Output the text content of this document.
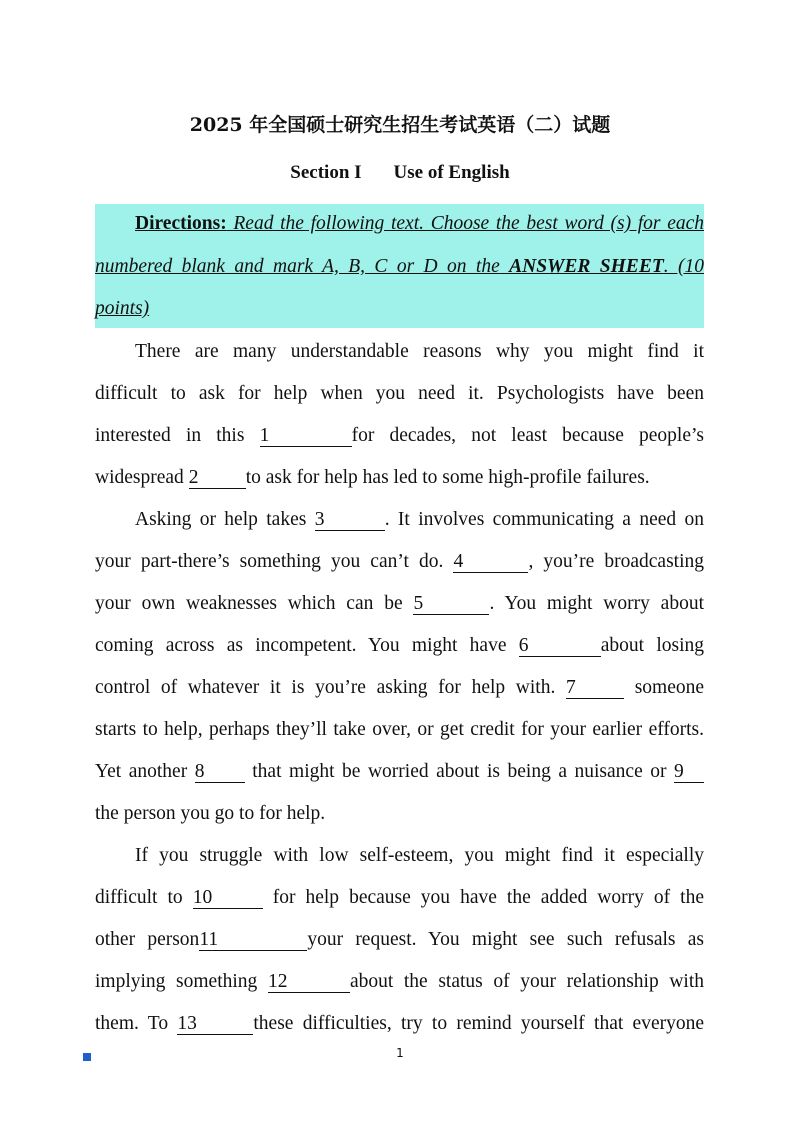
2025 年全国硕士研究生招生考试英语（二）试题
Section I Use of English
Directions: Read the following text. Choose the best word (s) for each
numbered blank and mark A, B, C or D on the ANSWER SHEET. (10
points)
There are many understandable reasons why you might find it
difficult to ask for help when you need it. Psychologists have been
interested in this 1	for decades, not least because people’s
widespread 2 to ask for help has led to some high-profile failures.
Asking or help takes 3	. It involves communicating a need on
your part-there’s something you can’t do. 4	, you’re broadcasting
your own weaknesses which can be 5	. You might worry about
coming across as incompetent. You might have 6	about losing
control of whatever it is you’re asking for help with. 7	someone
starts to help, perhaps they’ll take over, or get credit for your earlier efforts.
Yet another 8 that might be worried about is being a nuisance or 9
the person you go to for help.
If you struggle with low self-esteem, you might find it especially
difficult to 10	for help because you have the added worry of the
other person11	your request. You might see such refusals as
implying something 12	about the status of your relationship with
them. To 13	these difficulties, try to remind yourself that everyone
1
